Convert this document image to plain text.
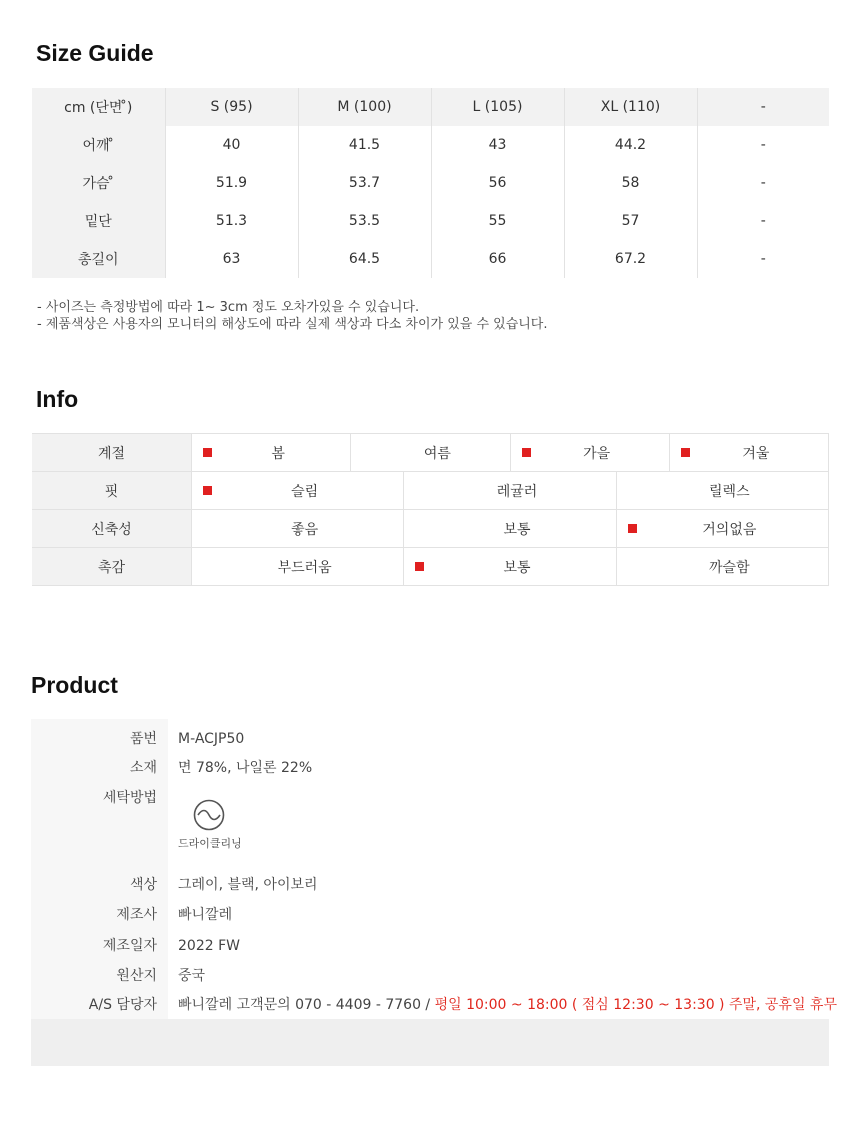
Size Guide
cm (단면 ̊)	S (95)	M (100)	L (105)	XL (110)	-
어깨 ̊	40	41.5	43	44.2	-
가슴 ̊	51.9	53.7	56	58	-
밑단	51.3	53.5	55	57	-
총길이	63	64.5	66	67.2	-
- 사이즈는 측정방법에 따라 1~ 3cm 정도 오차가있을 수 있습니다.
- 제품색상은 사용자의 모니터의 해상도에 따라 실제 색상과 다소 차이가 있을 수 있습니다.
Info
계절	봄	여름	가을	겨울
핏	슬림	레귤러	릴렉스
신축성	좋음	보통	거의없음
촉감	부드러움	보통	까슬함
Product
품번 M-ACJP50
소재 면 78%, 나일론 22%
세탁방법
드라이클리닝
색상 그레이, 블랙, 아이보리
제조사 빠니깔레
제조일자 2022 FW
원산지 중국
A/S 담당자 빠니깔레 고객문의 070 - 4409 - 7760 / 평일 10:00 ~ 18:00 ( 점심 12:30 ~ 13:30 ) 주말, 공휴일 휴무
